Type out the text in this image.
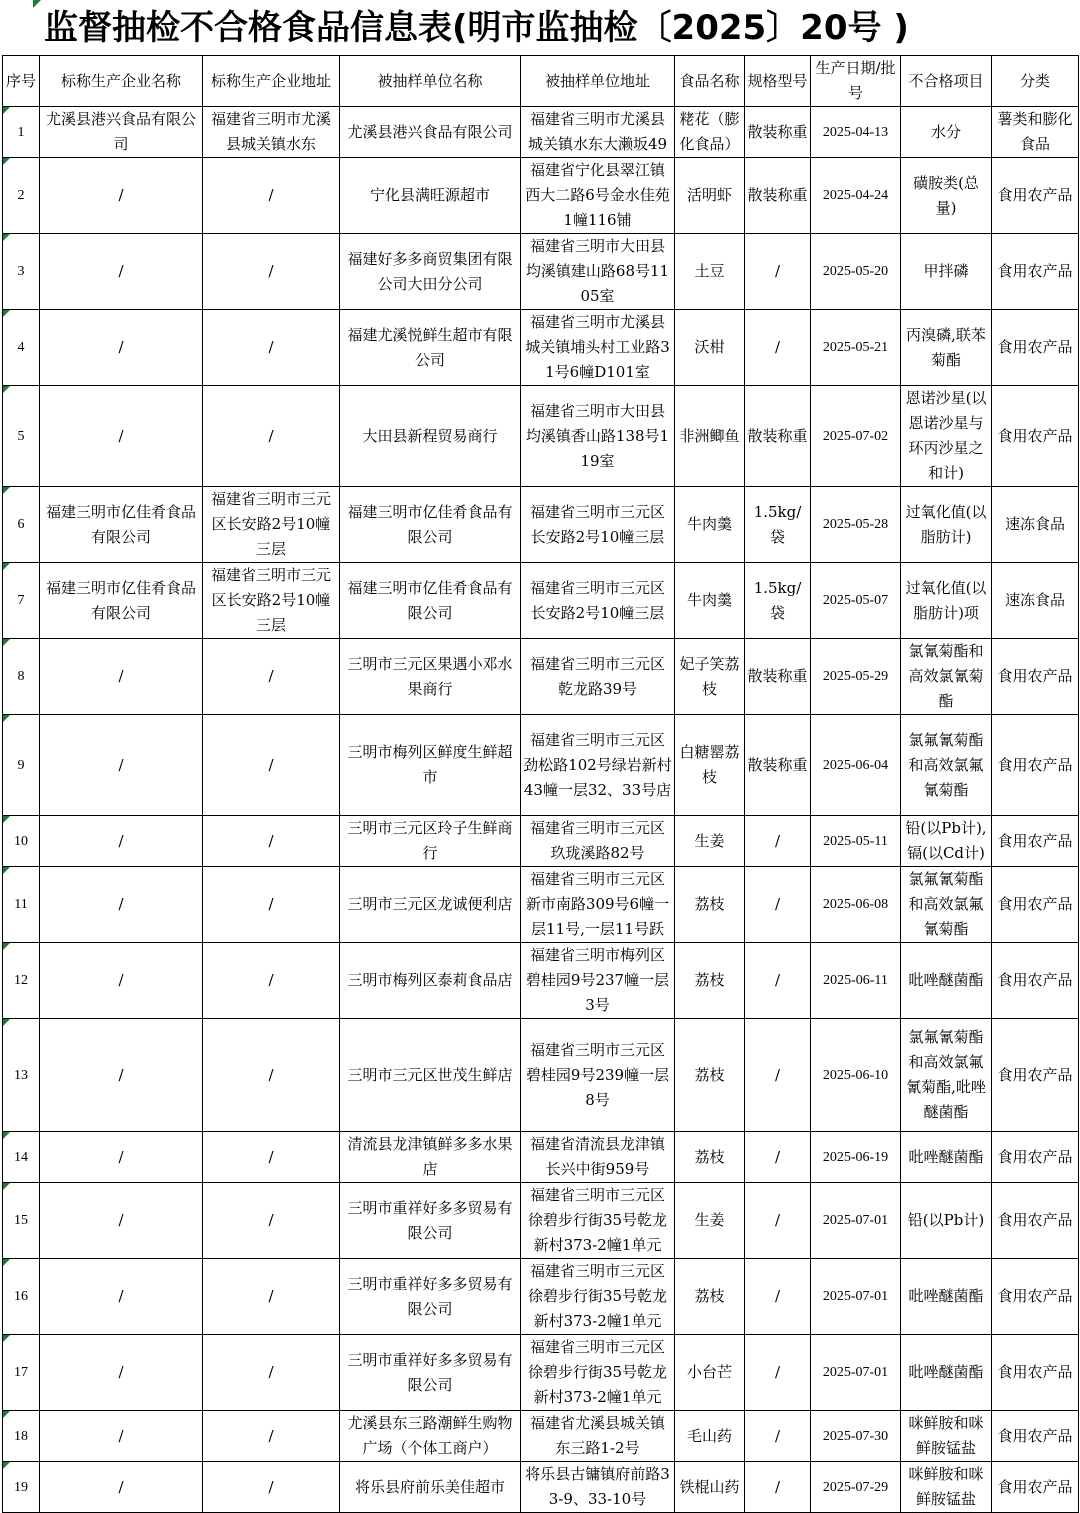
监督抽检不合格食品信息表(明市监抽检〔2025〕20号 )
序号	标称生产企业名称	标称生产企业地址	被抽样单位名称	被抽样单位地址	食品名称	规格型号	生产日期/批号	不合格项目	分类
1	尤溪县港兴食品有限公司	福建省三明市尤溪县城关镇水东	尤溪县港兴食品有限公司	福建省三明市尤溪县城关镇水东大濑坂49	粩花（膨化食品）	散装称重	2025-04-13	水分	薯类和膨化食品
2	/	/	宁化县满旺源超市	福建省宁化县翠江镇西大二路6号金水佳苑1幢116铺	活明虾	散装称重	2025-04-24	磺胺类(总量)	食用农产品
3	/	/	福建好多多商贸集团有限公司大田分公司	福建省三明市大田县均溪镇建山路68号1105室	土豆	/	2025-05-20	甲拌磷	食用农产品
4	/	/	福建尤溪悦鲜生超市有限公司	福建省三明市尤溪县城关镇埔头村工业路31号6幢D101室	沃柑	/	2025-05-21	丙溴磷,联苯菊酯	食用农产品
5	/	/	大田县新程贸易商行	福建省三明市大田县均溪镇香山路138号119室	非洲鲫鱼	散装称重	2025-07-02	恩诺沙星(以恩诺沙星与环丙沙星之和计)	食用农产品
6	福建三明市亿佳肴食品有限公司	福建省三明市三元区长安路2号10幢三层	福建三明市亿佳肴食品有限公司	福建省三明市三元区长安路2号10幢三层	牛肉羹	1.5kg/袋	2025-05-28	过氧化值(以脂肪计)	速冻食品
7	福建三明市亿佳肴食品有限公司	福建省三明市三元区长安路2号10幢三层	福建三明市亿佳肴食品有限公司	福建省三明市三元区长安路2号10幢三层	牛肉羹	1.5kg/袋	2025-05-07	过氧化值(以脂肪计)项	速冻食品
8	/	/	三明市三元区果遇小邓水果商行	福建省三明市三元区乾龙路39号	妃子笑荔枝	散装称重	2025-05-29	氯氰菊酯和高效氯氰菊酯	食用农产品
9	/	/	三明市梅列区鲜度生鲜超市	福建省三明市三元区劲松路102号绿岩新村43幢一层32、33号店	白糖罂荔枝	散装称重	2025-06-04	氯氟氰菊酯和高效氯氟氰菊酯	食用农产品
10	/	/	三明市三元区玲子生鲜商行	福建省三明市三元区玖珑溪路82号	生姜	/	2025-05-11	铅(以Pb计),镉(以Cd计)	食用农产品
11	/	/	三明市三元区龙诚便利店	福建省三明市三元区新市南路309号6幢一层11号,一层11号跃	荔枝	/	2025-06-08	氯氟氰菊酯和高效氯氟氰菊酯	食用农产品
12	/	/	三明市梅列区泰莉食品店	福建省三明市梅列区碧桂园9号237幢一层3号	荔枝	/	2025-06-11	吡唑醚菌酯	食用农产品
13	/	/	三明市三元区世茂生鲜店	福建省三明市三元区碧桂园9号239幢一层8号	荔枝	/	2025-06-10	氯氟氰菊酯和高效氯氟氰菊酯,吡唑醚菌酯	食用农产品
14	/	/	清流县龙津镇鲜多多水果店	福建省清流县龙津镇长兴中街959号	荔枝	/	2025-06-19	吡唑醚菌酯	食用农产品
15	/	/	三明市重祥好多多贸易有限公司	福建省三明市三元区徐碧步行街35号乾龙新村373-2幢1单元	生姜	/	2025-07-01	铅(以Pb计)	食用农产品
16	/	/	三明市重祥好多多贸易有限公司	福建省三明市三元区徐碧步行街35号乾龙新村373-2幢1单元	荔枝	/	2025-07-01	吡唑醚菌酯	食用农产品
17	/	/	三明市重祥好多多贸易有限公司	福建省三明市三元区徐碧步行街35号乾龙新村373-2幢1单元	小台芒	/	2025-07-01	吡唑醚菌酯	食用农产品
18	/	/	尤溪县东三路潮鲜生购物广场（个体工商户）	福建省尤溪县城关镇东三路1-2号	毛山药	/	2025-07-30	咪鲜胺和咪鲜胺锰盐	食用农产品
19	/	/	将乐县府前乐美佳超市	将乐县古镛镇府前路33-9、33-10号	铁棍山药	/	2025-07-29	咪鲜胺和咪鲜胺锰盐	食用农产品
